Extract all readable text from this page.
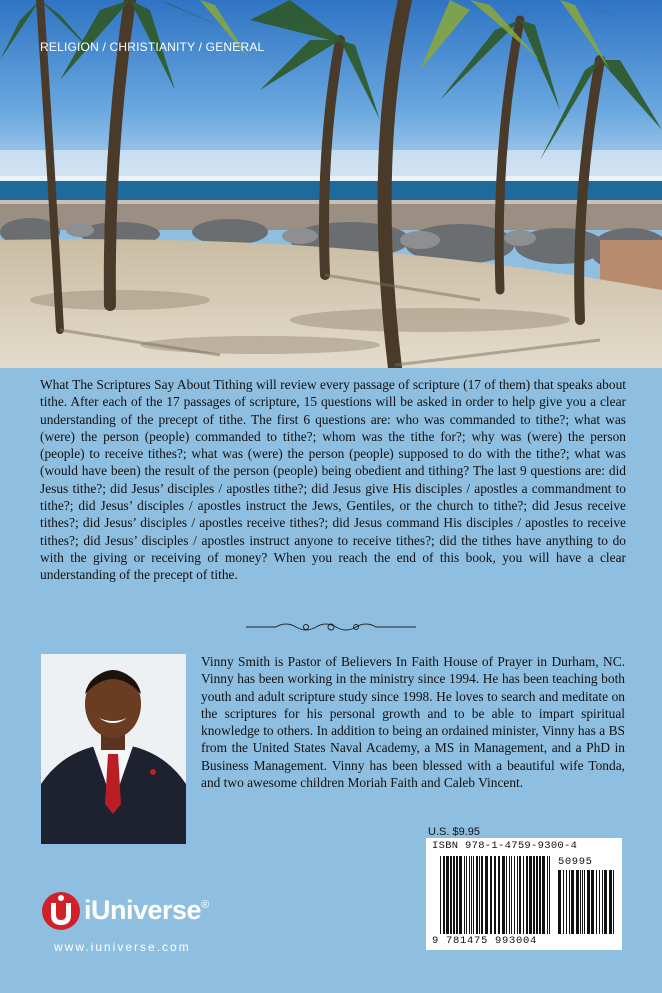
RELIGION / CHRISTIANITY / GENERAL

What The Scriptures Say About Tithing will review every passage of scripture (17 of them) that speaks about tithe. After each of the 17 passages of scripture, 15 questions will be asked in order to help give you a clear understanding of the precept of tithe. The first 6 questions are: who was commanded to tithe?; what was (were) the person (people) commanded to tithe?; whom was the tithe for?; why was (were) the person (people) to receive tithes?; what was (were) the person (people) supposed to do with the tithe?; what was (would have been) the result of the person (people) being obedient and tithing? The last 9 questions are: did Jesus tithe?; did Jesus’ disciples / apostles tithe?; did Jesus give His disciples / apostles a commandment to tithe?; did Jesus’ disciples / apostles instruct the Jews, Gentiles, or the church to tithe?; did Jesus receive tithes?; did Jesus’ disciples / apostles receive tithes?; did Jesus command His disciples / apostles to receive tithes?; did Jesus’ disciples / apostles instruct anyone to receive tithes?; did the tithes have anything to do with the giving or receiving of money? When you reach the end of this book, you will have a clear understanding of the precept of tithe.

Vinny Smith is Pastor of Believers In Faith House of Prayer in Durham, NC. Vinny has been working in the ministry since 1994. He has been teaching both youth and adult scripture study since 1998. He loves to search and meditate on the scriptures for his personal growth and to be able to impart spiritual knowledge to others. In addition to being an ordained minister, Vinny has a BS from the United States Naval Academy, a MS in Management, and a PhD in Business Management. Vinny has been blessed with a beautiful wife Tonda, and two awesome children Moriah Faith and Caleb Vincent.

U.S. $9.95
ISBN 978-1-4759-9300-4
50995
9 781475 993004
iUniverse®
www.iuniverse.com
